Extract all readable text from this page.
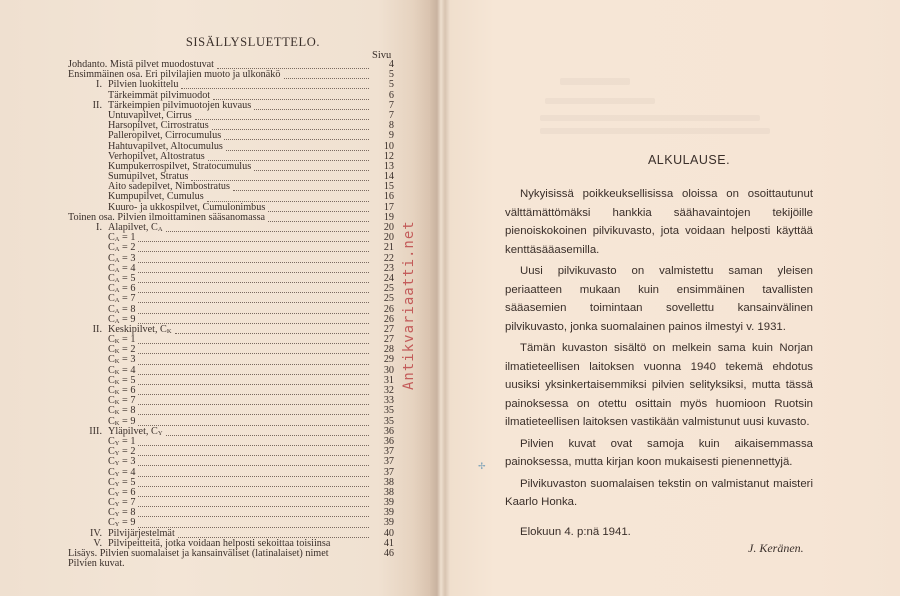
SISÄLLYSLUETTELO.
Sivu
Johdanto. Mistä pilvet muodostuvat	4
Ensimmäinen osa. Eri pilvilajien muoto ja ulkonäkö	5
I. Pilvien luokittelu	5
Tärkeimmät pilvimuodot	6
II. Tärkeimpien pilvimuotojen kuvaus	7
Untuvapilvet, Cirrus	7
Harsopilvet, Cirrostratus	8
Palleropilvet, Cirrocumulus	9
Hahtuvapilvet, Altocumulus	10
Verhopilvet, Altostratus	12
Kumpukerrospilvet, Stratocumulus	13
Sumupilvet, Stratus	14
Aito sadepilvet, Nimbostratus	15
Kumpupilvet, Cumulus	16
Kuuro- ja ukkospilvet, Cumulonimbus	17
Toinen osa. Pilvien ilmoittaminen sääsanomassa	19
I. Alapilvet, CA	20
CA = 1	20
CA = 2	21
CA = 3	22
CA = 4	23
CA = 5	24
CA = 6	25
CA = 7	25
CA = 8	26
CA = 9	26
II. Keskipilvet, CK	27
CK = 1	27
CK = 2	28
CK = 3	29
CK = 4	30
CK = 5	31
CK = 6	32
CK = 7	33
CK = 8	35
CK = 9	35
III. Yläpilvet, CY	36
CY = 1	36
CY = 2	37
CY = 3	37
CY = 4	37
CY = 5	38
CY = 6	38
CY = 7	39
CY = 8	39
CY = 9	39
IV. Pilvijärjestelmät	40
V. Pilvipeitteitä, jotka voidaan helposti sekoittaa toisiinsa	41
Lisäys. Pilvien suomalaiset ja kansainväliset (latinalaiset) nimet	46
Pilvien kuvat.
ALKULAUSE.

Nykyisissä poikkeuksellisissa oloissa on osoittautunut välttämättömäksi hankkia säähavaintojen tekijöille pienoiskokoinen pilvikuvasto, jota voidaan helposti käyttää kenttäsääasemilla.

Uusi pilvikuvasto on valmistettu saman yleisen periaatteen mukaan kuin ensimmäinen tavallisten sääasemien toimintaan sovellettu kansainvälinen pilvikuvasto, jonka suomalainen painos ilmestyi v. 1931.

Tämän kuvaston sisältö on melkein sama kuin Norjan ilmatieteellisen laitoksen vuonna 1940 tekemä ehdotus uusiksi yksinkertaisemmiksi pilvien selityksiksi, mutta tässä painoksessa on otettu osittain myös huomioon Ruotsin ilmatieteellisen laitoksen vastikään valmistunut uusi kuvasto.

Pilvien kuvat ovat samoja kuin aikaisemmassa painoksessa, mutta kirjan koon mukaisesti pienennettyjä.

Pilvikuvaston suomalaisen tekstin on valmistanut maisteri Kaarlo Honka.

Elokuun 4. p:nä 1941.
J. Keränen.
Antikvariaatti.net
✢
